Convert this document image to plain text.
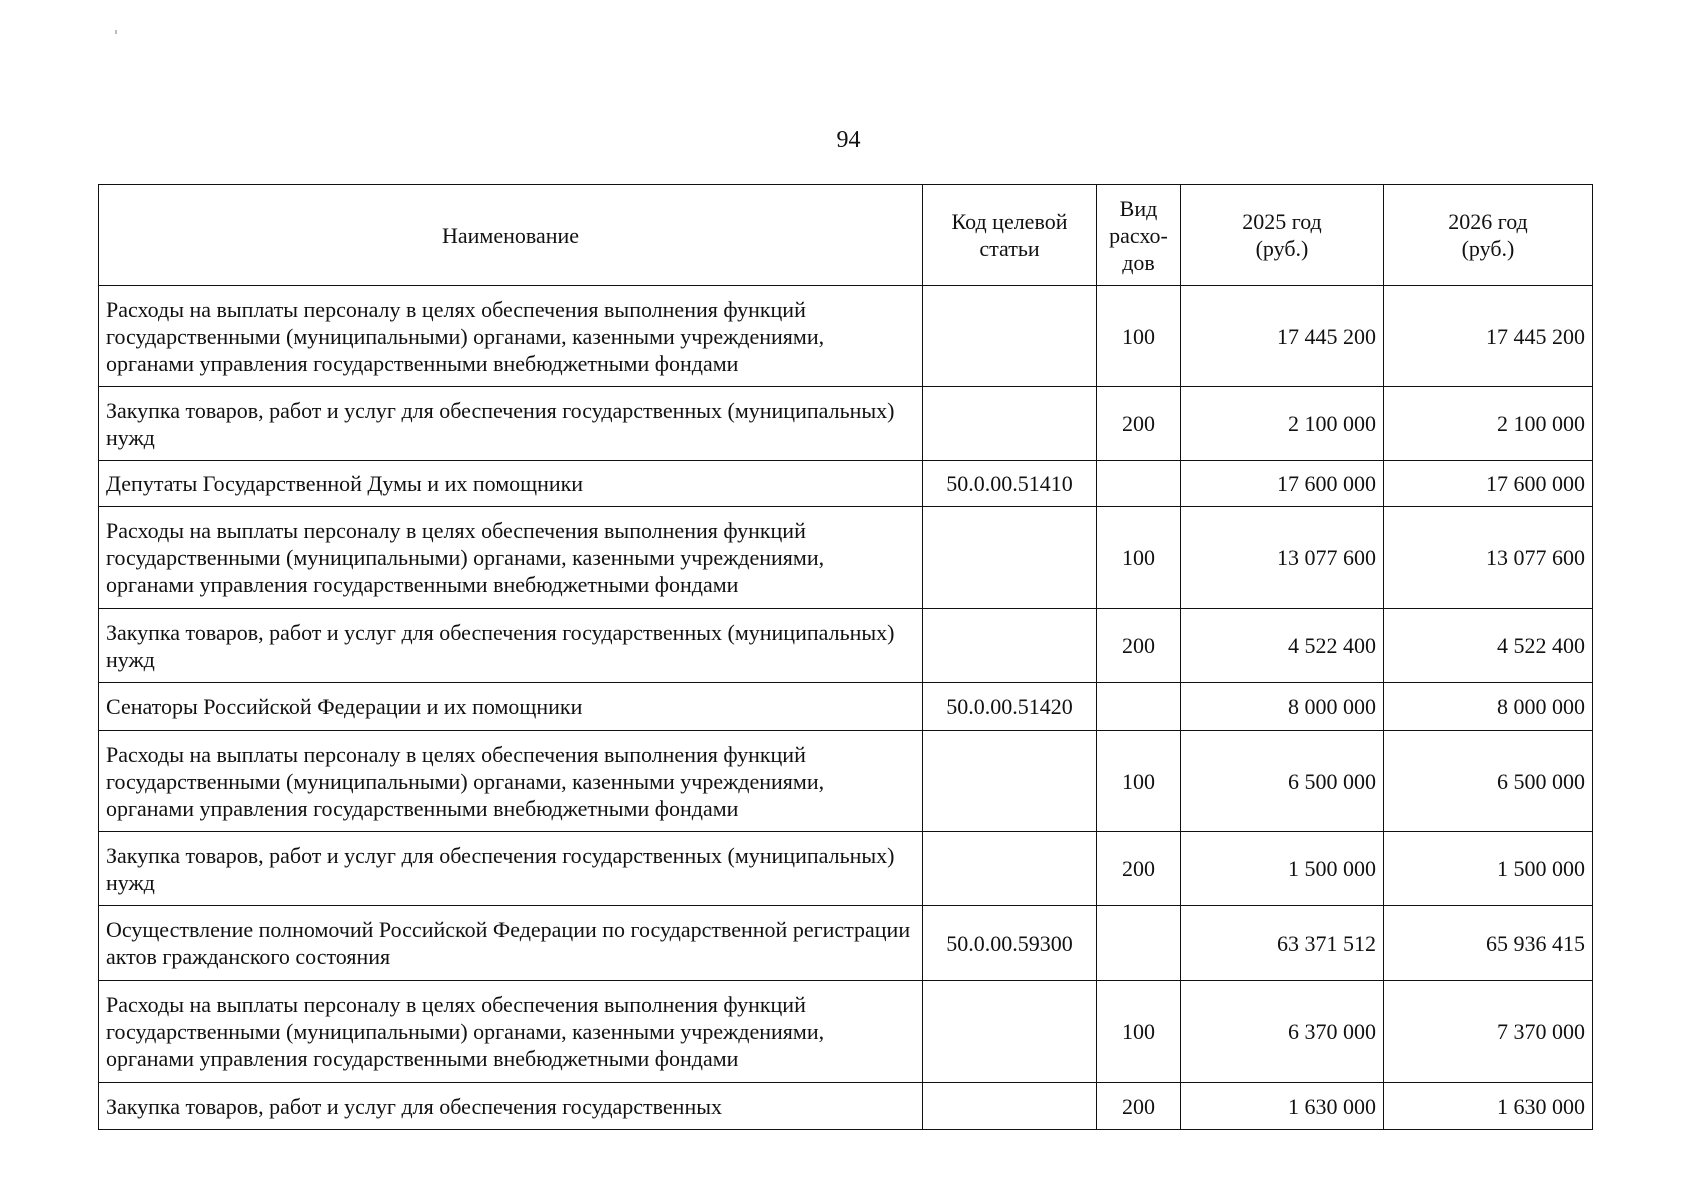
94
Наименование	Код целевой статьи	Вид расхо-дов	2025 год (руб.)	2026 год (руб.)
Расходы на выплаты персоналу в целях обеспечения выполнения функций государственными (муниципальными) органами, казенными учреждениями, органами управления государственными внебюджетными фондами		100	17 445 200	17 445 200
Закупка товаров, работ и услуг для обеспечения государственных (муниципальных) нужд		200	2 100 000	2 100 000
Депутаты Государственной Думы и их помощники	50.0.00.51410		17 600 000	17 600 000
Расходы на выплаты персоналу в целях обеспечения выполнения функций государственными (муниципальными) органами, казенными учреждениями, органами управления государственными внебюджетными фондами		100	13 077 600	13 077 600
Закупка товаров, работ и услуг для обеспечения государственных (муниципальных) нужд		200	4 522 400	4 522 400
Сенаторы Российской Федерации и их помощники	50.0.00.51420		8 000 000	8 000 000
Расходы на выплаты персоналу в целях обеспечения выполнения функций государственными (муниципальными) органами, казенными учреждениями, органами управления государственными внебюджетными фондами		100	6 500 000	6 500 000
Закупка товаров, работ и услуг для обеспечения государственных (муниципальных) нужд		200	1 500 000	1 500 000
Осуществление полномочий Российской Федерации по государственной регистрации актов гражданского состояния	50.0.00.59300		63 371 512	65 936 415
Расходы на выплаты персоналу в целях обеспечения выполнения функций государственными (муниципальными) органами, казенными учреждениями, органами управления государственными внебюджетными фондами		100	6 370 000	7 370 000
Закупка товаров, работ и услуг для обеспечения государственных		200	1 630 000	1 630 000
